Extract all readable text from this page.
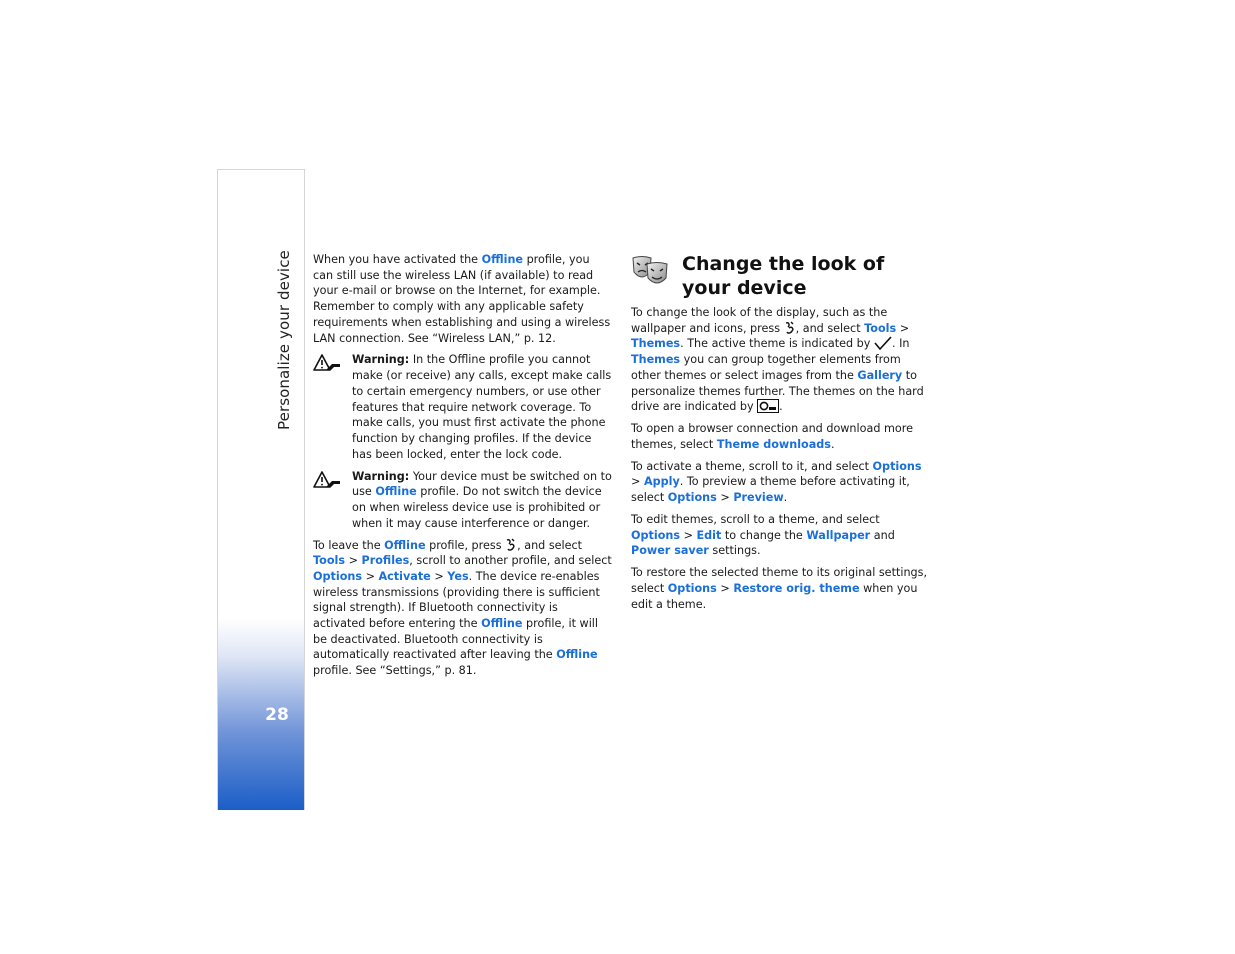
Personalize your device
28

When you have activated the Offline profile, you can still use the wireless LAN (if available) to read your e-mail or browse on the Internet, for example. Remember to comply with any applicable safety requirements when establishing and using a wireless LAN connection. See “Wireless LAN,” p. 12.

Warning: In the Offline profile you cannot make (or receive) any calls, except make calls to certain emergency numbers, or use other features that require network coverage. To make calls, you must first activate the phone function by changing profiles. If the device has been locked, enter the lock code.
Warning: Your device must be switched on to use Offline profile. Do not switch the device on when wireless device use is prohibited or when it may cause interference or danger.

To leave the Offline profile, press , and select Tools > Profiles, scroll to another profile, and select Options > Activate > Yes. The device re-enables wireless transmissions (providing there is sufficient signal strength). If Bluetooth connectivity is activated before entering the Offline profile, it will be deactivated. Bluetooth connectivity is automatically reactivated after leaving the Offline profile. See “Settings,” p. 81.

Change the look of your device

To change the look of the display, such as the wallpaper and icons, press , and select Tools > Themes. The active theme is indicated by . In Themes you can group together elements from other themes or select images from the Gallery to personalize themes further. The themes on the hard drive are indicated by .

To open a browser connection and download more themes, select Theme downloads.

To activate a theme, scroll to it, and select Options > Apply. To preview a theme before activating it, select Options > Preview.

To edit themes, scroll to a theme, and select Options > Edit to change the Wallpaper and Power saver settings.

To restore the selected theme to its original settings, select Options > Restore orig. theme when you edit a theme.
